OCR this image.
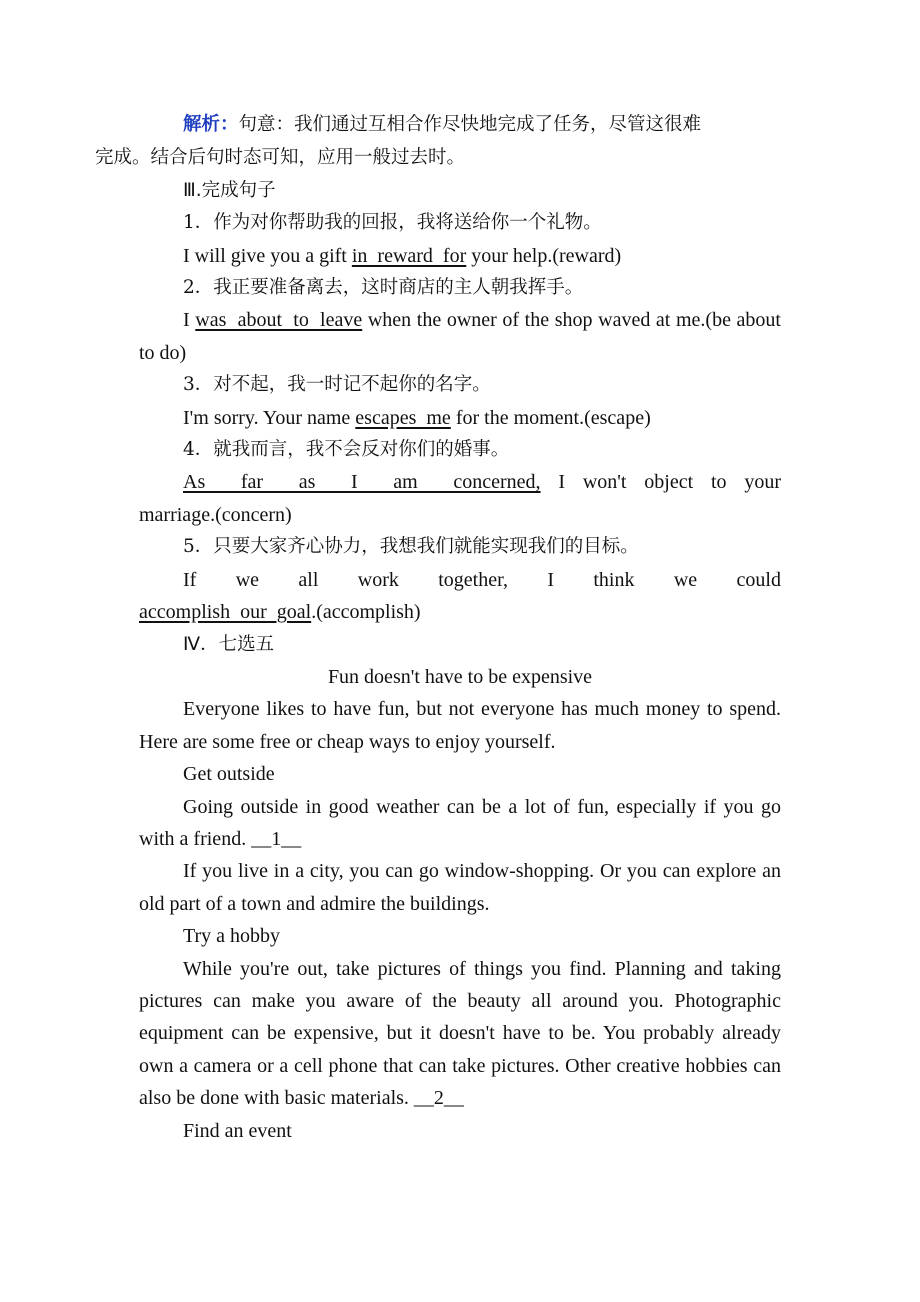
解析：句意：我们通过互相合作尽快地完成了任务，尽管这很难
完成。结合后句时态可知，应用一般过去时。

Ⅲ.完成句子

1．作为对你帮助我的回报，我将送给你一个礼物。

I will give you a gift in  reward  for your help.(reward)

2．我正要准备离去，这时商店的主人朝我挥手。

I was  about  to  leave when the owner of the shop waved at me.(be about to do)

3．对不起，我一时记不起你的名字。

I'm sorry. Your name escapes  me for the moment.(escape)

4．就我而言，我不会反对你们的婚事。

As  far  as  I  am  concerned, I won't object to your

marriage.(concern)

5．只要大家齐心协力，我想我们就能实现我们的目标。

If we all work together, I think we could

accomplish  our  goal.(accomplish)

Ⅳ．七选五

Fun doesn't have to be expensive

Everyone likes to have fun, but not everyone has much money to spend. Here are some free or cheap ways to enjoy yourself.

Get outside

Going outside in good weather can be a lot of fun, especially if you go with a friend. __1__

If you live in a city, you can go window-shopping. Or you can explore an old part of a town and admire the buildings.

Try a hobby

While you're out, take pictures of things you find. Planning and taking pictures can make you aware of the beauty all around you. Photographic equipment can be expensive, but it doesn't have to be. You probably already own a camera or a cell phone that can take pictures. Other creative hobbies can also be done with basic materials. __2__

Find an event
